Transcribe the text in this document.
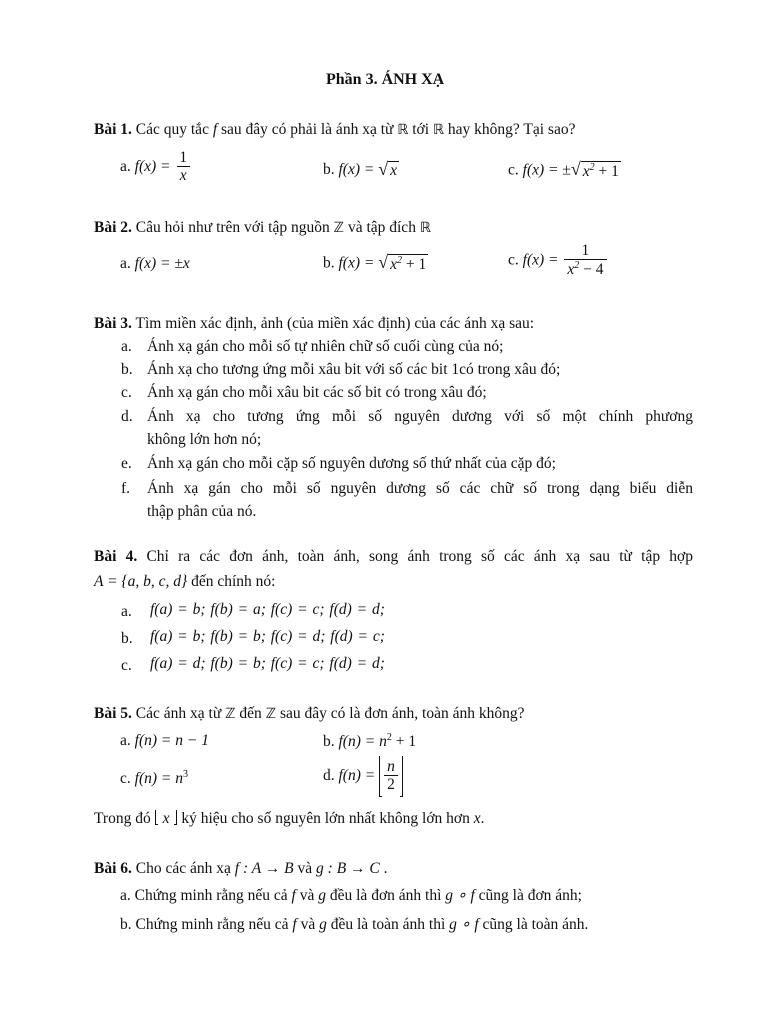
Phần 3. ÁNH XẠ
Bài 1. Các quy tắc f sau đây có phải là ánh xạ từ ℝ tới ℝ hay không? Tại sao?
a. $f(x) = \frac{1}{x}$	b. f(x) = √ x	c. f(x) = ± √ $x^2 + 1$
Bài 2. Câu hỏi như trên với tập nguồn ℤ và tập đích ℝ
a. f(x) = ±x	b. f(x) = √ $x^2 + 1$	c. $f(x) = \frac{1}{x^2 - 4}$
Bài 3. Tìm miền xác định, ảnh (của miền xác định) của các ánh xạ sau:
a. Ánh xạ gán cho mỗi số tự nhiên chữ số cuối cùng của nó;
b. Ánh xạ cho tương ứng mỗi xâu bit với số các bit 1có trong xâu đó;
c. Ánh xạ gán cho mỗi xâu bit các số bit có trong xâu đó;
d. Ánh xạ cho tương ứng mỗi số nguyên dương với số một chính phương
không lớn hơn nó;
e. Ánh xạ gán cho mỗi cặp số nguyên dương số thứ nhất của cặp đó;
f. Ánh xạ gán cho mỗi số nguyên dương số các chữ số trong dạng biểu diễn
thập phân của nó.
Bài 4. Chỉ ra các đơn ánh, toàn ánh, song ánh trong số các ánh xạ sau từ tập hợp
A = {a, b, c, d} đến chính nó:
a. f(a) = b; f(b) = a; f(c) = c; f(d) = d;
b. f(a) = b; f(b) = b; f(c) = d; f(d) = c;
c. f(a) = d; f(b) = b; f(c) = c; f(d) = d;
Bài 5. Các ánh xạ từ ℤ đến ℤ sau đây có là đơn ánh, toàn ánh không?
a. f(n) = n − 1	b. $f(n) = n^2 + 1$
c. $f(n) = n^3$	d. $f(n) = \frac{n}{2}$
Trong đó x ký hiệu cho số nguyên lớn nhất không lớn hơn x.
Bài 6. Cho các ánh xạ f : A → B và g : B → C .
a. Chứng minh rằng nếu cả f và g đều là đơn ánh thì g ∘ f cũng là đơn ánh;
b. Chứng minh rằng nếu cả f và g đều là toàn ánh thì g ∘ f cũng là toàn ánh.
